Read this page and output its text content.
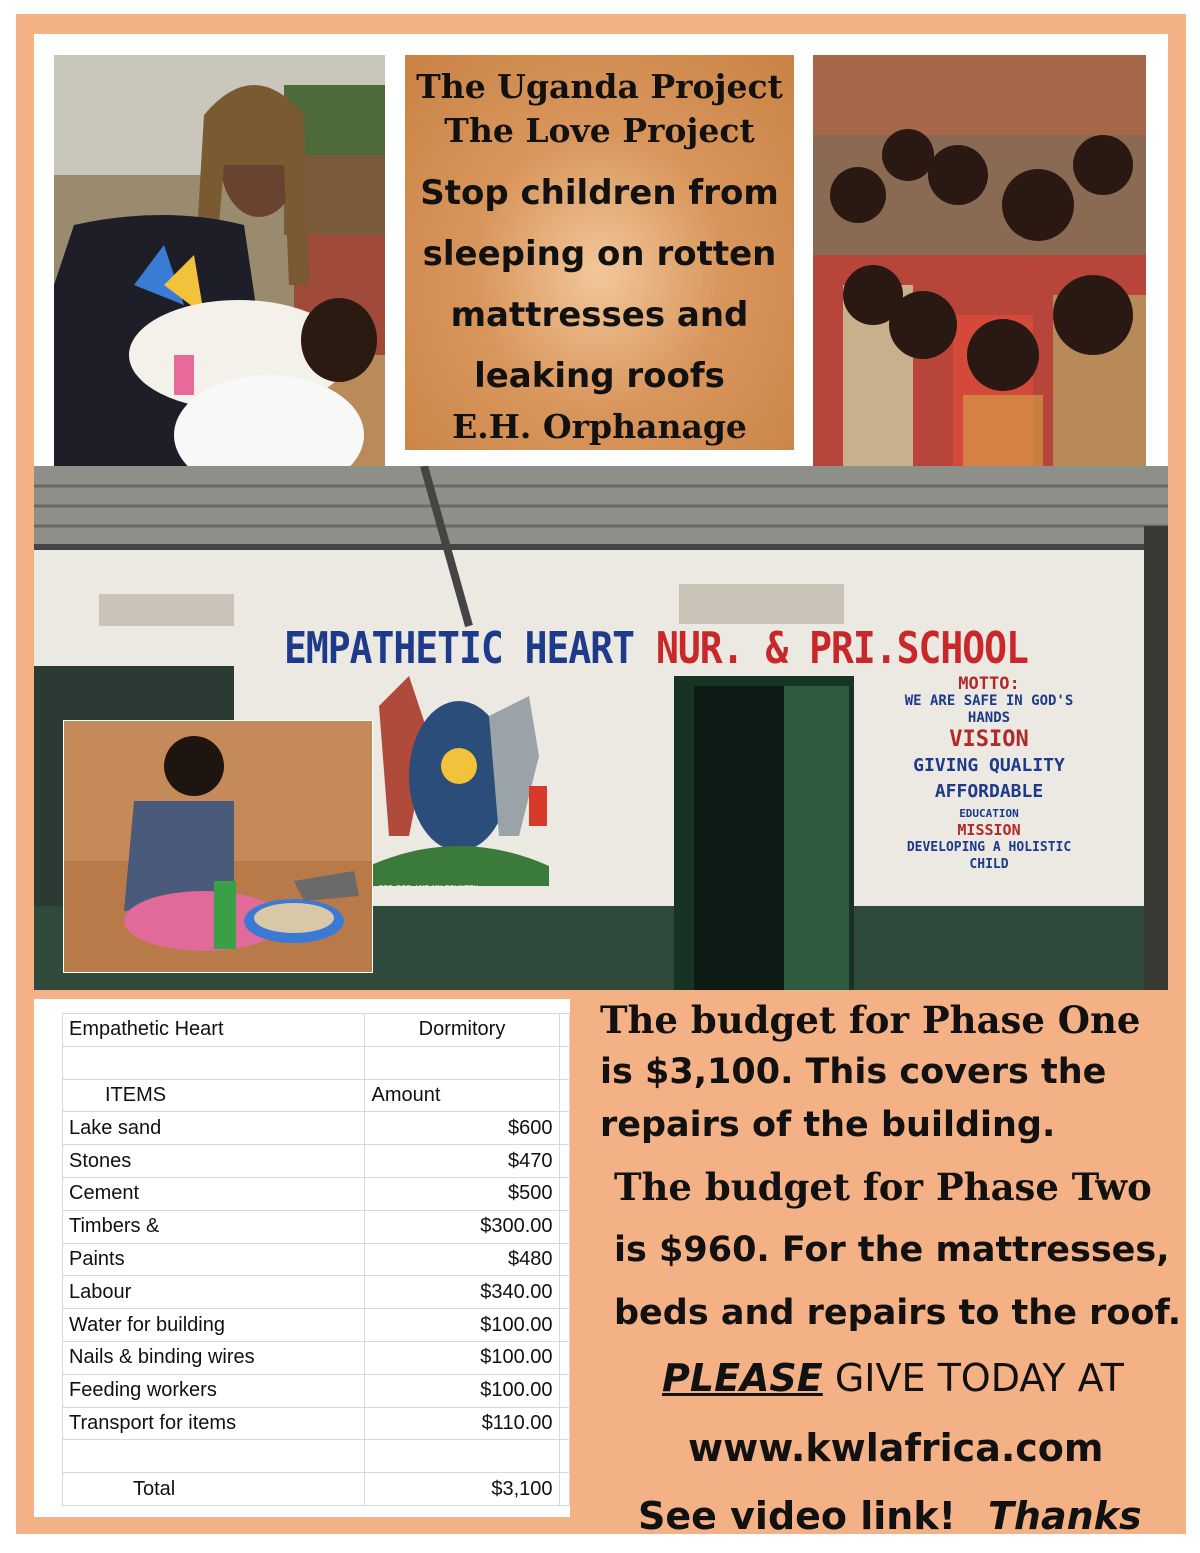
The Uganda Project
The Love Project
Stop children from
sleeping on rotten
mattresses and
leaking roofs
E.H. Orphanage
EMPATHETIC HEART NUR. & PRI.SCHOOL
MOTTO:
WE ARE SAFE IN GOD'S
HANDS
VISION
GIVING QUALITY AFFORDABLE
EDUCATION
MISSION
DEVELOPING A HOLISTIC
CHILD
FOR GOD AND MY COUNTRY
Empathetic Heart	Dormitory	

ITEMS	Amount	
Lake sand	$600	
Stones	$470	
Cement	$500	
Timbers &	$300.00	
Paints	$480	
Labour	$340.00	
Water for building	$100.00	
Nails & binding wires	$100.00	
Feeding workers	$100.00	
Transport for items	$110.00	

Total	$3,100	
The budget for Phase One
is $3,100. This covers the
repairs of the building.
The budget for Phase Two
is $960. For the mattresses,
beds and repairs to the roof.
PLEASE GIVE TODAY AT
www.kwlafrica.com
See video link! Thanks
